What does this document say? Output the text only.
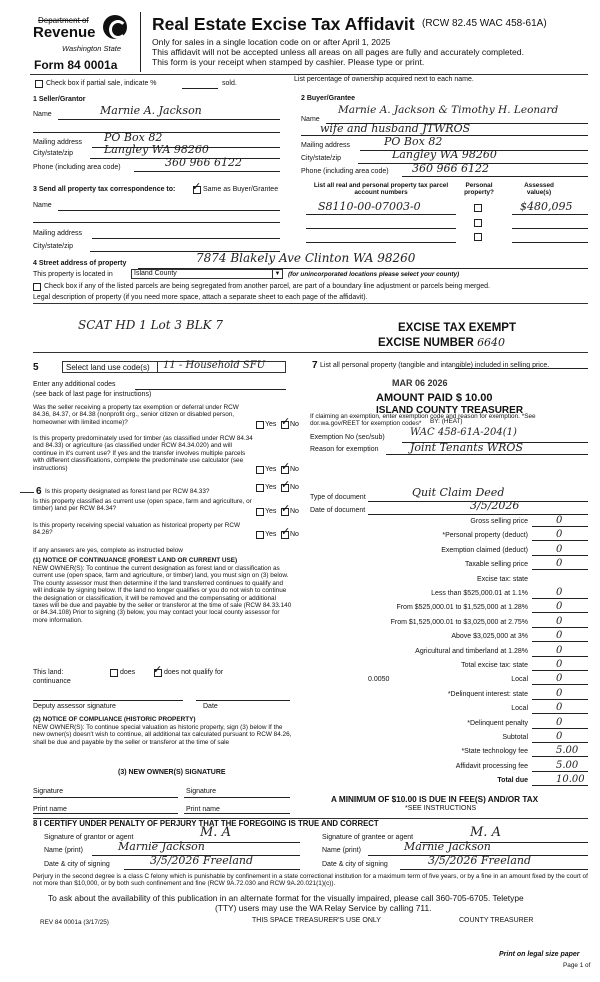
Department of
Revenue
Washington State
Form 84 0001a
Real Estate Excise Tax Affidavit (RCW 82.45 WAC 458-61A)
Only for sales in a single location code on or after April 1, 2025
This affidavit will not be accepted unless all areas on all pages are fully and accurately completed.
This form is your receipt when stamped by cashier. Please type or print.
Check box if partial sale, indicate %	sold.
List percentage of ownership acquired next to each name.
1 Seller/Grantor
Name	Marnie A. Jackson
Mailing address PO Box 82
City/state/zip	Langley WA 98260
Phone (including area code)	360 966 6122
2 Buyer/Grantee
Name
Marnie A. Jackson & Timothy H. Leonard
wife and husband JTWROS
Mailing address	PO Box 82
City/state/zip	Langley WA 98260
Phone (including area code) 360 966 6122
3 Send all property tax correspondence to: ✓ Same as Buyer/Grantee
Name
Mailing address
City/state/zip
List all real and personal property tax parcel account numbers
Personal property?
Assessed value(s)
S8110-00-07003-0	$480,095
4 Street address of property	7874 Blakely Ave Clinton WA 98260
This property is located in	Island County	▼ (for unincorporated locations please select your county)
Check box if any of the listed parcels are being segregated from another parcel, are part of a boundary line adjustment or parcels being merged.
Legal description of property (if you need more space, attach a separate sheet to each page of the affidavit).
SCAT HD 1 Lot 3 BLK 7	EXCISE TAX EXEMPT
EXCISE NUMBER 6640
5	Select land use code(s) 11 - Household SFU
Enter any additional codes
(see back of last page for instructions)
Was the seller receiving a property tax exemption or deferral under RCW 84.36, 84.37, or 84.38 (nonprofit org., senior citizen or disabled person, homeowner with limited income)?	Yes ✓ No
Is this property predominately used for timber (as classified under RCW 84.34 and 84.33) or agriculture (as classified under RCW 84.34.020) and will continue in it's current use? If yes and the transfer involves multiple parcels with different classifications, complete the predominate use calculator (see instructions)	Yes ✓ No
7 List all personal property (tangible and intangible) included in selling price.
MAR 06 2026
AMOUNT PAID $ 10.00
ISLAND COUNTY TREASURER
BY: (HEAT)
If claiming an exemption, enter exemption code and reason for exemption. *See dor.wa.gov/REET for exemption codes*
Exemption No (sec/sub)	WAC 458-61A-204(1)
Reason for exemption	Joint Tenants WROS
6 Is this property designated as forest land per RCW 84.33?
Yes ✓ No
Is this property classified as current use (open space, farm and agriculture, or timber) land per RCW 84.34?	Yes ✓ No
Is this property receiving special valuation as historical property per RCW 84.26?	Yes ✓ No
If any answers are yes, complete as instructed below
(1) NOTICE OF CONTINUANCE (FOREST LAND OR CURRENT USE)
NEW OWNER(S): To continue the current designation as forest land or classification as current use (open space, farm and agriculture, or timber) land, you must sign on (3) below. The county assessor must then determine if the land transferred continues to qualify and will indicate by signing below. If the land no longer qualifies or you do not wish to continue the designation or classification, it will be removed and the compensating or additional taxes will be due and payable by the seller or transferor at the time of sale (RCW 84.33.140 or 84.34.108) Prior to signing (3) below, you may contact your local county assessor for more information.
This land:
continuance
does ✓ does not qualify for
Deputy assessor signature	Date
(2) NOTICE OF COMPLIANCE (HISTORIC PROPERTY)
NEW OWNER(S): To continue special valuation as historic property, sign (3) below If the new owner(s) doesn't wish to continue, all additional tax calculated pursuant to RCW 84.26, shall be due and payable by the seller or transferor at the time of sale
(3) NEW OWNER(S) SIGNATURE
Signature	Signature
Print name	Print name
Type of document	Quit Claim Deed
Date of document	3/5/2026
Gross selling price	0
*Personal property (deduct)	0
Exemption claimed (deduct)	0
Taxable selling price	0
Excise tax: state
Less than $525,000.01 at 1.1%	0
From $525,000.01 to $1,525,000 at 1.28%	0
From $1,525,000.01 to $3,025,000 at 2.75%	0
Above $3,025,000 at 3%	0
Agricultural and timberland at 1.28%	0
Total excise tax: state	0
Local	0
*Delinquent interest: state	0
Local	0
*Delinquent penalty	0
Subtotal	0
*State technology fee	5.00
Affidavit processing fee	5.00
Total due	10.00
0.0050
A MINIMUM OF $10.00 IS DUE IN FEE(S) AND/OR TAX
*SEE INSTRUCTIONS
8 I CERTIFY UNDER PENALTY OF PERJURY THAT THE FOREGOING IS TRUE AND CORRECT
Signature of grantor or agent	M. A
Name (print)	Marnie Jackson
Date & city of signing	3/5/2026 Freeland
Signature of grantee or agent	M. A
Name (print)	Marnie Jackson
Date & city of signing	3/5/2026 Freeland
Perjury in the second degree is a class C felony which is punishable by confinement in a state correctional institution for a maximum term of five years, or by a fine in an amount fixed by the court of not more than $10,000, or by both such confinement and fine (RCW 9A.72.030 and RCW 9A.20.021(1)(c)).
To ask about the availability of this publication in an alternate format for the visually impaired, please call 360-705-6705. Teletype
(TTY) users may use the WA Relay Service by calling 711.
REV 84 0001a (3/17/25)	THIS SPACE TREASURER'S USE ONLY	COUNTY TREASURER
Print on legal size paper
Page 1 of
